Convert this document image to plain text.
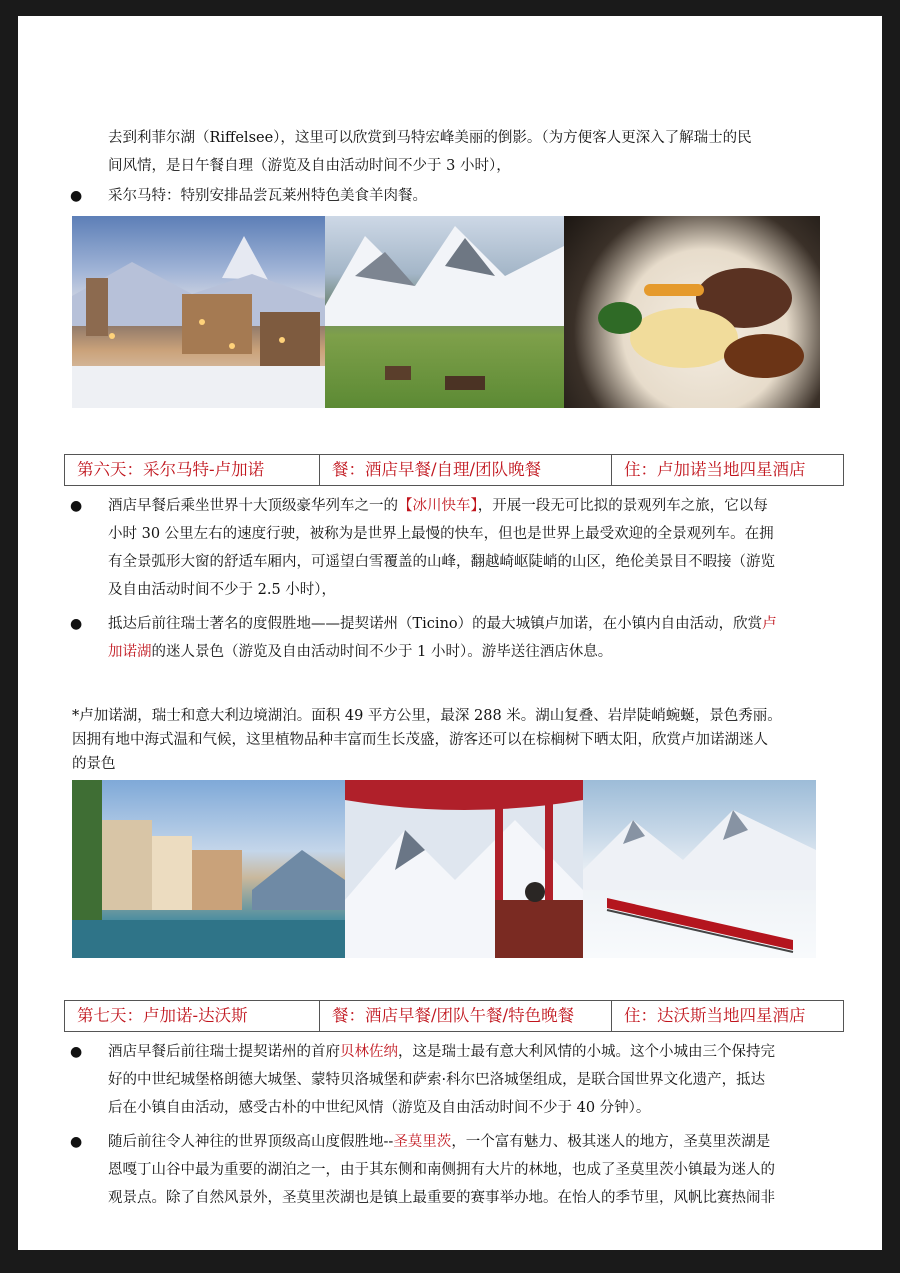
去到利菲尔湖（Riffelsee），这里可以欣赏到马特宏峰美丽的倒影。（为方便客人更深入了解瑞士的民

间风情，是日午餐自理（游览及自由活动时间不少于 3 小时），

● 采尔马特：特别安排品尝瓦莱州特色美食羊肉餐。

第六天：采尔马特-卢加诺	餐：酒店早餐/自理/团队晚餐	住：卢加诺当地四星酒店
● 酒店早餐后乘坐世界十大顶级豪华列车之一的【冰川快车】，开展一段无可比拟的景观列车之旅，它以每

小时 30 公里左右的速度行驶，被称为是世界上最慢的快车，但也是世界上最受欢迎的全景观列车。在拥

有全景弧形大窗的舒适车厢内，可遥望白雪覆盖的山峰，翻越崎岖陡峭的山区，绝伦美景目不暇接（游览

及自由活动时间不少于 2.5 小时），

● 抵达后前往瑞士著名的度假胜地——提契诺州（Ticino）的最大城镇卢加诺，在小镇内自由活动，欣赏卢

加诺湖的迷人景色（游览及自由活动时间不少于 1 小时）。游毕送往酒店休息。

*卢加诺湖，瑞士和意大利边境湖泊。面积 49 平方公里，最深 288 米。湖山复叠、岩岸陡峭蜿蜒，景色秀丽。

因拥有地中海式温和气候，这里植物品种丰富而生长茂盛，游客还可以在棕榈树下晒太阳，欣赏卢加诺湖迷人

的景色

第七天：卢加诺-达沃斯	餐：酒店早餐/团队午餐/特色晚餐	住：达沃斯当地四星酒店
● 酒店早餐后前往瑞士提契诺州的首府贝林佐纳，这是瑞士最有意大利风情的小城。这个小城由三个保持完

好的中世纪城堡格朗德大城堡、蒙特贝洛城堡和萨索·科尔巴洛城堡组成，是联合国世界文化遗产，抵达

后在小镇自由活动，感受古朴的中世纪风情（游览及自由活动时间不少于 40 分钟）。

● 随后前往令人神往的世界顶级高山度假胜地--圣莫里茨，一个富有魅力、极其迷人的地方，圣莫里茨湖是

恩嘎丁山谷中最为重要的湖泊之一，由于其东侧和南侧拥有大片的林地，也成了圣莫里茨小镇最为迷人的

观景点。除了自然风景外，圣莫里茨湖也是镇上最重要的赛事举办地。在怡人的季节里，风帆比赛热闹非
